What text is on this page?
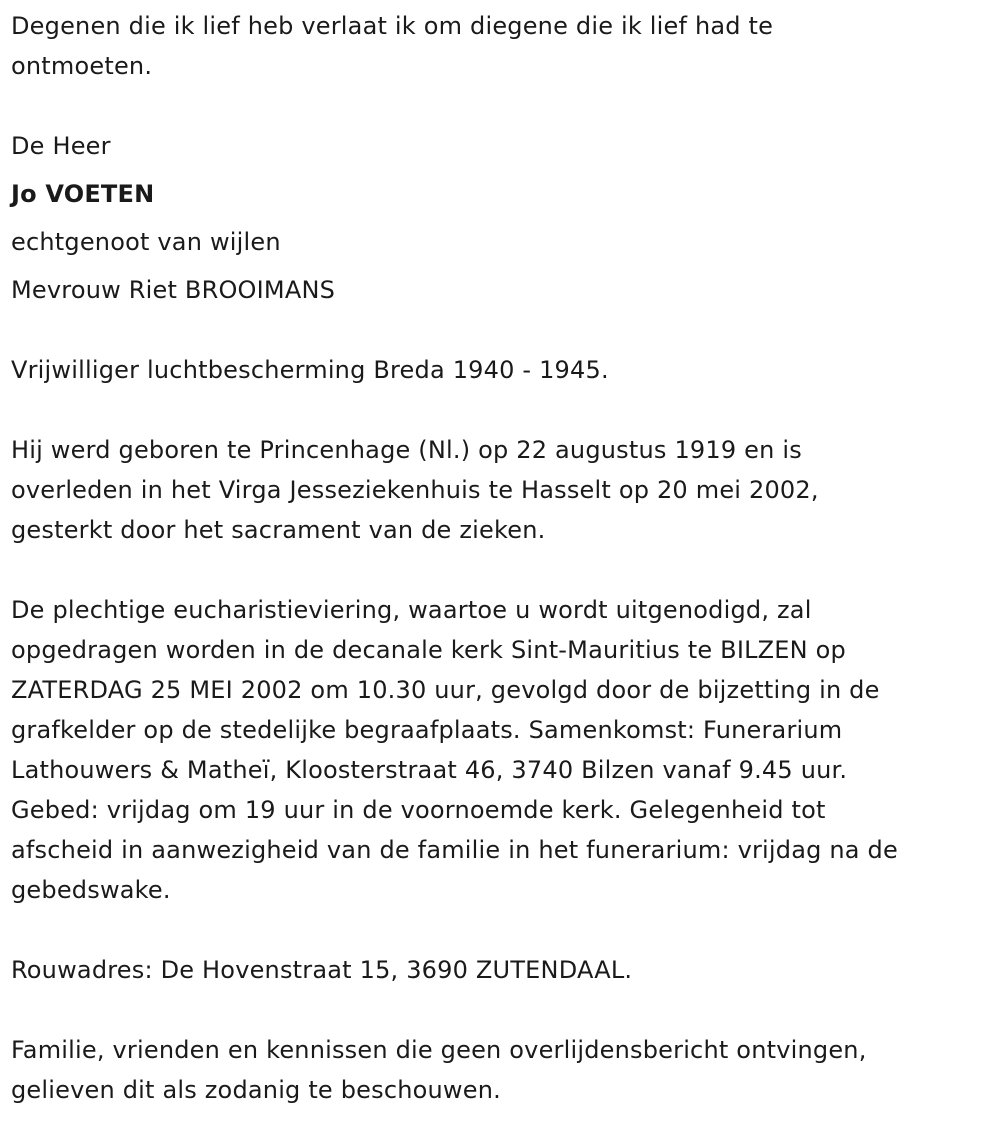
Degenen die ik lief heb verlaat ik om diegene die ik lief had te
ontmoeten.

De Heer

Jo VOETEN

echtgenoot van wijlen

Mevrouw Riet BROOIMANS

Vrijwilliger luchtbescherming Breda 1940 - 1945.

Hij werd geboren te Princenhage (Nl.) op 22 augustus 1919 en is
overleden in het Virga Jesseziekenhuis te Hasselt op 20 mei 2002,
gesterkt door het sacrament van de zieken.

De plechtige eucharistieviering, waartoe u wordt uitgenodigd, zal
opgedragen worden in de decanale kerk Sint-Mauritius te BILZEN op
ZATERDAG 25 MEI 2002 om 10.30 uur, gevolgd door de bijzetting in de
grafkelder op de stedelijke begraafplaats. Samenkomst: Funerarium
Lathouwers & Matheï, Kloosterstraat 46, 3740 Bilzen vanaf 9.45 uur.
Gebed: vrijdag om 19 uur in de voornoemde kerk. Gelegenheid tot
afscheid in aanwezigheid van de familie in het funerarium: vrijdag na de
gebedswake.

Rouwadres: De Hovenstraat 15, 3690 ZUTENDAAL.

Familie, vrienden en kennissen die geen overlijdensbericht ontvingen,
gelieven dit als zodanig te beschouwen.
